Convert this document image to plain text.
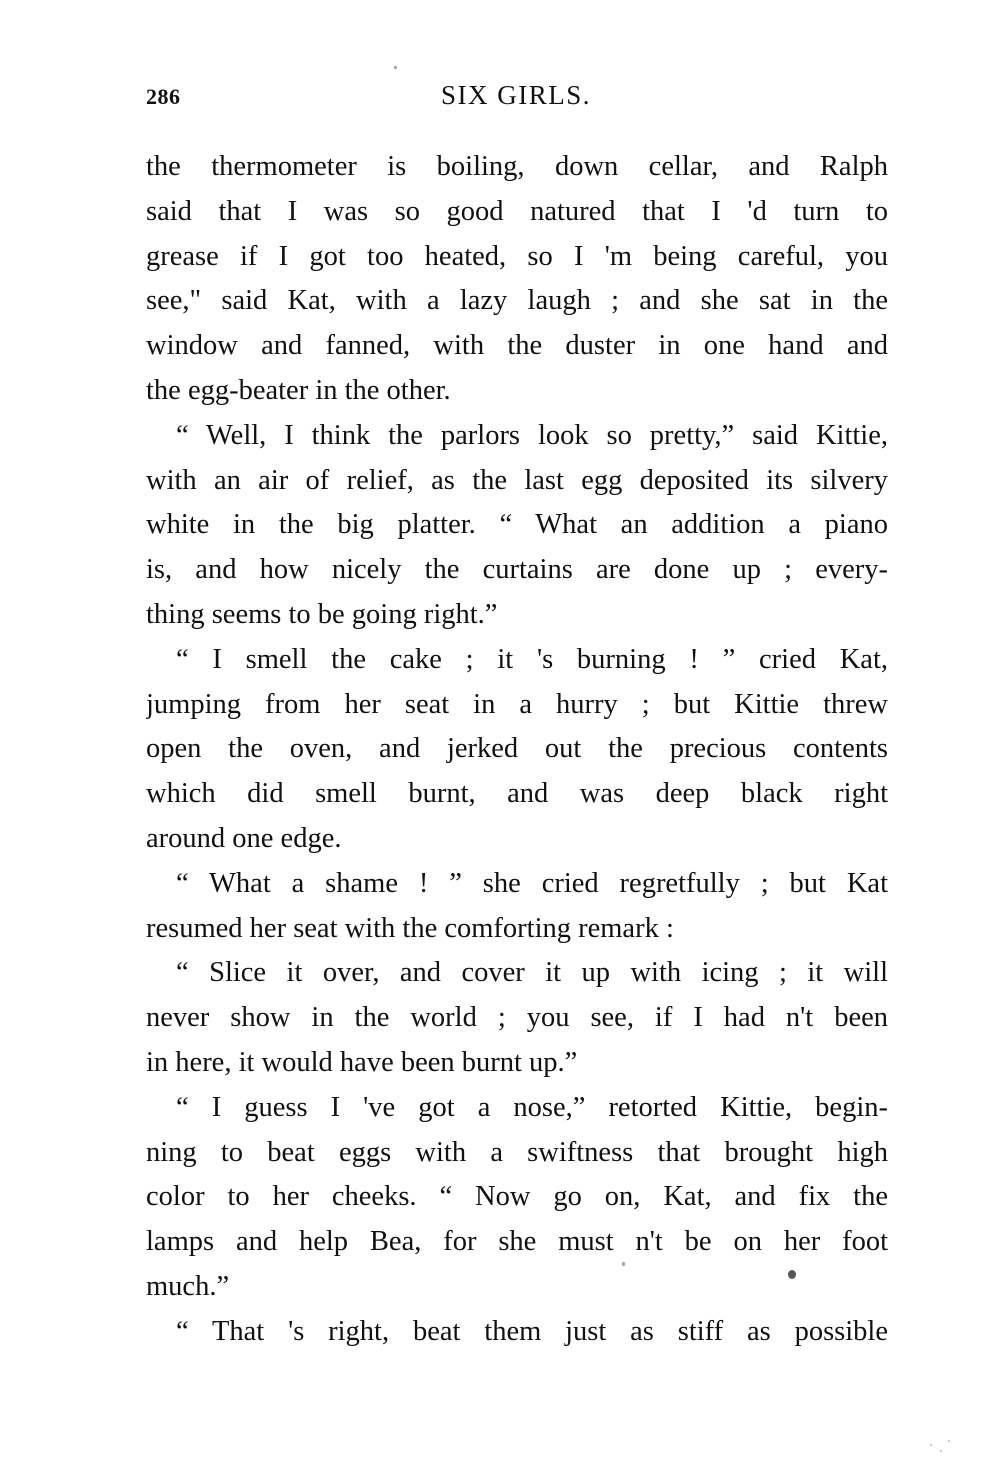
286	SIX GIRLS.
the thermometer is boiling, down cellar, and Ralph
said that I was so good natured that I 'd turn to
grease if I got too heated, so I 'm being careful, you
see," said Kat, with a lazy laugh ; and she sat in the
window and fanned, with the duster in one hand and
the egg-beater in the other.
“ Well, I think the parlors look so pretty,” said Kittie,
with an air of relief, as the last egg deposited its silvery
white in the big platter. “ What an addition a piano
is, and how nicely the curtains are done up ; every-
thing seems to be going right.”
“ I smell the cake ; it 's burning ! ” cried Kat,
jumping from her seat in a hurry ; but Kittie threw
open the oven, and jerked out the precious contents
which did smell burnt, and was deep black right
around one edge.
“ What a shame ! ” she cried regretfully ; but Kat
resumed her seat with the comforting remark :
“ Slice it over, and cover it up with icing ; it will
never show in the world ; you see, if I had n't been
in here, it would have been burnt up.”
“ I guess I 've got a nose,” retorted Kittie, begin-
ning to beat eggs with a swiftness that brought high
color to her cheeks. “ Now go on, Kat, and fix the
lamps and help Bea, for she must n't be on her foot
much.”
“ That 's right, beat them just as stiff as possible
